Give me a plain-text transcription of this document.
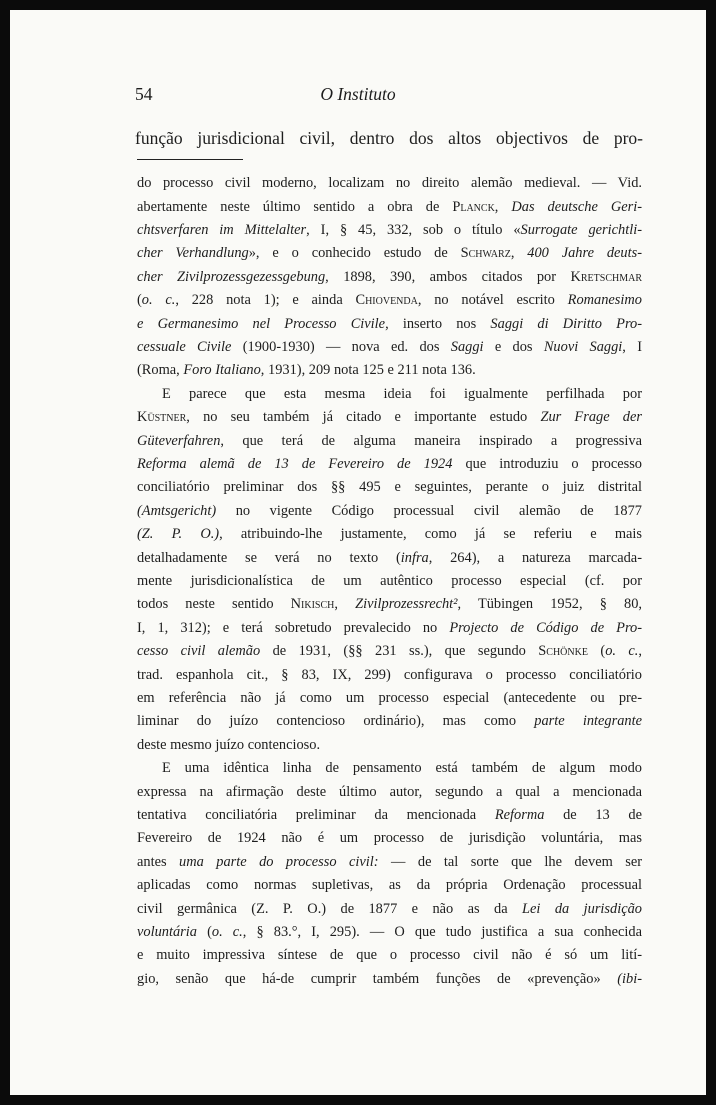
54	O Instituto
função jurisdicional civil, dentro dos altos objectivos de pro-
do processo civil moderno, localizam no direito alemão medieval. — Vid.
abertamente neste último sentido a obra de Planck, Das deutsche Geri-
chtsverfaren im Mittelalter, I, § 45, 332, sob o título «Surrogate gerichtli-
cher Verhandlung», e o conhecido estudo de Schwarz, 400 Jahre deuts-
cher Zivilprozessgezessgebung, 1898, 390, ambos citados por Kretschmar
(o. c., 228 nota 1); e ainda Chiovenda, no notável escrito Romanesimo
e Germanesimo nel Processo Civile, inserto nos Saggi di Diritto Pro-
cessuale Civile (1900-1930) — nova ed. dos Saggi e dos Nuovi Saggi, I
(Roma, Foro Italiano, 1931), 209 nota 125 e 211 nota 136.
E parece que esta mesma ideia foi igualmente perfilhada por
Küstner, no seu também já citado e importante estudo Zur Frage der
Güteverfahren, que terá de alguma maneira inspirado a progressiva
Reforma alemã de 13 de Fevereiro de 1924 que introduziu o processo
conciliatório preliminar dos §§ 495 e seguintes, perante o juiz distrital
(Amtsgericht) no vigente Código processual civil alemão de 1877
(Z. P. O.), atribuindo-lhe justamente, como já se referiu e mais
detalhadamente se verá no texto (infra, 264), a natureza marcada-
mente jurisdicionalística de um autêntico processo especial (cf. por
todos neste sentido Nikisch, Zivilprozessrecht², Tübingen 1952, § 80,
I, 1, 312); e terá sobretudo prevalecido no Projecto de Código de Pro-
cesso civil alemão de 1931, (§§ 231 ss.), que segundo Schönke (o. c.,
trad. espanhola cit., § 83, IX, 299) configurava o processo conciliatório
em referência não já como um processo especial (antecedente ou pre-
liminar do juízo contencioso ordinário), mas como parte integrante
deste mesmo juízo contencioso.
E uma idêntica linha de pensamento está também de algum modo
expressa na afirmação deste último autor, segundo a qual a mencionada
tentativa conciliatória preliminar da mencionada Reforma de 13 de
Fevereiro de 1924 não é um processo de jurisdição voluntária, mas
antes uma parte do processo civil: — de tal sorte que lhe devem ser
aplicadas como normas supletivas, as da própria Ordenação processual
civil germânica (Z. P. O.) de 1877 e não as da Lei da jurisdição
voluntária (o. c., § 83.°, I, 295). — O que tudo justifica a sua conhecida
e muito impressiva síntese de que o processo civil não é só um lití-
gio, senão que há-de cumprir também funções de «prevenção» (ibi-
